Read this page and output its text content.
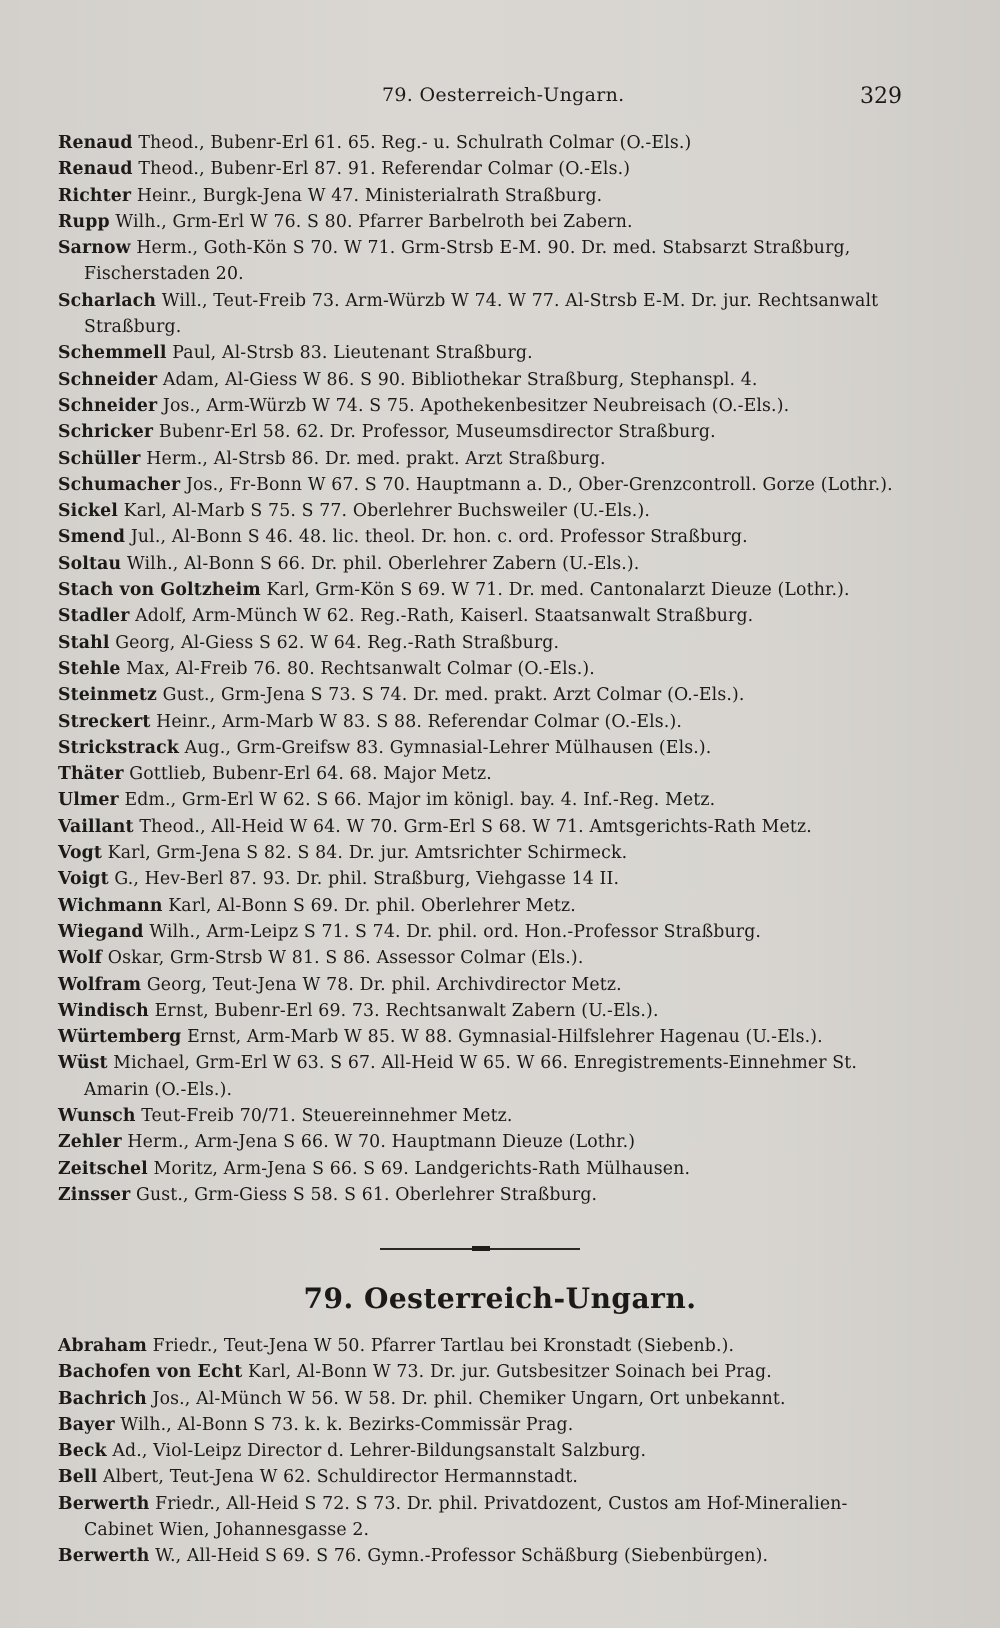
79. Oesterreich-Ungarn.	329

Renaud Theod., Bubenr-Erl 61. 65. Reg.- u. Schulrath Colmar (O.-Els.)

Renaud Theod., Bubenr-Erl 87. 91. Referendar Colmar (O.-Els.)

Richter Heinr., Burgk-Jena W 47. Ministerialrath Straßburg.

Rupp Wilh., Grm-Erl W 76. S 80. Pfarrer Barbelroth bei Zabern.

Sarnow Herm., Goth-Kön S 70. W 71. Grm-Strsb E-M. 90. Dr. med. Stabsarzt Straßburg, Fischerstaden 20.

Scharlach Will., Teut-Freib 73. Arm-Würzb W 74. W 77. Al-Strsb E-M. Dr. jur. Rechtsanwalt Straßburg.

Schemmell Paul, Al-Strsb 83. Lieutenant Straßburg.

Schneider Adam, Al-Giess W 86. S 90. Bibliothekar Straßburg, Stephanspl. 4.

Schneider Jos., Arm-Würzb W 74. S 75. Apothekenbesitzer Neubreisach (O.-Els.).

Schricker Bubenr-Erl 58. 62. Dr. Professor, Museumsdirector Straßburg.

Schüller Herm., Al-Strsb 86. Dr. med. prakt. Arzt Straßburg.

Schumacher Jos., Fr-Bonn W 67. S 70. Hauptmann a. D., Ober-Grenzcontroll. Gorze (Lothr.).

Sickel Karl, Al-Marb S 75. S 77. Oberlehrer Buchsweiler (U.-Els.).

Smend Jul., Al-Bonn S 46. 48. lic. theol. Dr. hon. c. ord. Professor Straßburg.

Soltau Wilh., Al-Bonn S 66. Dr. phil. Oberlehrer Zabern (U.-Els.).

Stach von Goltzheim Karl, Grm-Kön S 69. W 71. Dr. med. Cantonalarzt Dieuze (Lothr.).

Stadler Adolf, Arm-Münch W 62. Reg.-Rath, Kaiserl. Staatsanwalt Straßburg.

Stahl Georg, Al-Giess S 62. W 64. Reg.-Rath Straßburg.

Stehle Max, Al-Freib 76. 80. Rechtsanwalt Colmar (O.-Els.).

Steinmetz Gust., Grm-Jena S 73. S 74. Dr. med. prakt. Arzt Colmar (O.-Els.).

Streckert Heinr., Arm-Marb W 83. S 88. Referendar Colmar (O.-Els.).

Strickstrack Aug., Grm-Greifsw 83. Gymnasial-Lehrer Mülhausen (Els.).

Thäter Gottlieb, Bubenr-Erl 64. 68. Major Metz.

Ulmer Edm., Grm-Erl W 62. S 66. Major im königl. bay. 4. Inf.-Reg. Metz.

Vaillant Theod., All-Heid W 64. W 70. Grm-Erl S 68. W 71. Amtsgerichts-Rath Metz.

Vogt Karl, Grm-Jena S 82. S 84. Dr. jur. Amtsrichter Schirmeck.

Voigt G., Hev-Berl 87. 93. Dr. phil. Straßburg, Viehgasse 14 II.

Wichmann Karl, Al-Bonn S 69. Dr. phil. Oberlehrer Metz.

Wiegand Wilh., Arm-Leipz S 71. S 74. Dr. phil. ord. Hon.-Professor Straßburg.

Wolf Oskar, Grm-Strsb W 81. S 86. Assessor Colmar (Els.).

Wolfram Georg, Teut-Jena W 78. Dr. phil. Archivdirector Metz.

Windisch Ernst, Bubenr-Erl 69. 73. Rechtsanwalt Zabern (U.-Els.).

Würtemberg Ernst, Arm-Marb W 85. W 88. Gymnasial-Hilfslehrer Hagenau (U.-Els.).

Wüst Michael, Grm-Erl W 63. S 67. All-Heid W 65. W 66. Enregistrements-Einnehmer St. Amarin (O.-Els.).

Wunsch Teut-Freib 70/71. Steuereinnehmer Metz.

Zehler Herm., Arm-Jena S 66. W 70. Hauptmann Dieuze (Lothr.)

Zeitschel Moritz, Arm-Jena S 66. S 69. Landgerichts-Rath Mülhausen.

Zinsser Gust., Grm-Giess S 58. S 61. Oberlehrer Straßburg.

79. Oesterreich-Ungarn.

Abraham Friedr., Teut-Jena W 50. Pfarrer Tartlau bei Kronstadt (Siebenb.).

Bachofen von Echt Karl, Al-Bonn W 73. Dr. jur. Gutsbesitzer Soinach bei Prag.

Bachrich Jos., Al-Münch W 56. W 58. Dr. phil. Chemiker Ungarn, Ort unbekannt.

Bayer Wilh., Al-Bonn S 73. k. k. Bezirks-Commissär Prag.

Beck Ad., Viol-Leipz Director d. Lehrer-Bildungsanstalt Salzburg.

Bell Albert, Teut-Jena W 62. Schuldirector Hermannstadt.

Berwerth Friedr., All-Heid S 72. S 73. Dr. phil. Privatdozent, Custos am Hof-Mineralien-Cabinet Wien, Johannesgasse 2.

Berwerth W., All-Heid S 69. S 76. Gymn.-Professor Schäßburg (Siebenbürgen).
